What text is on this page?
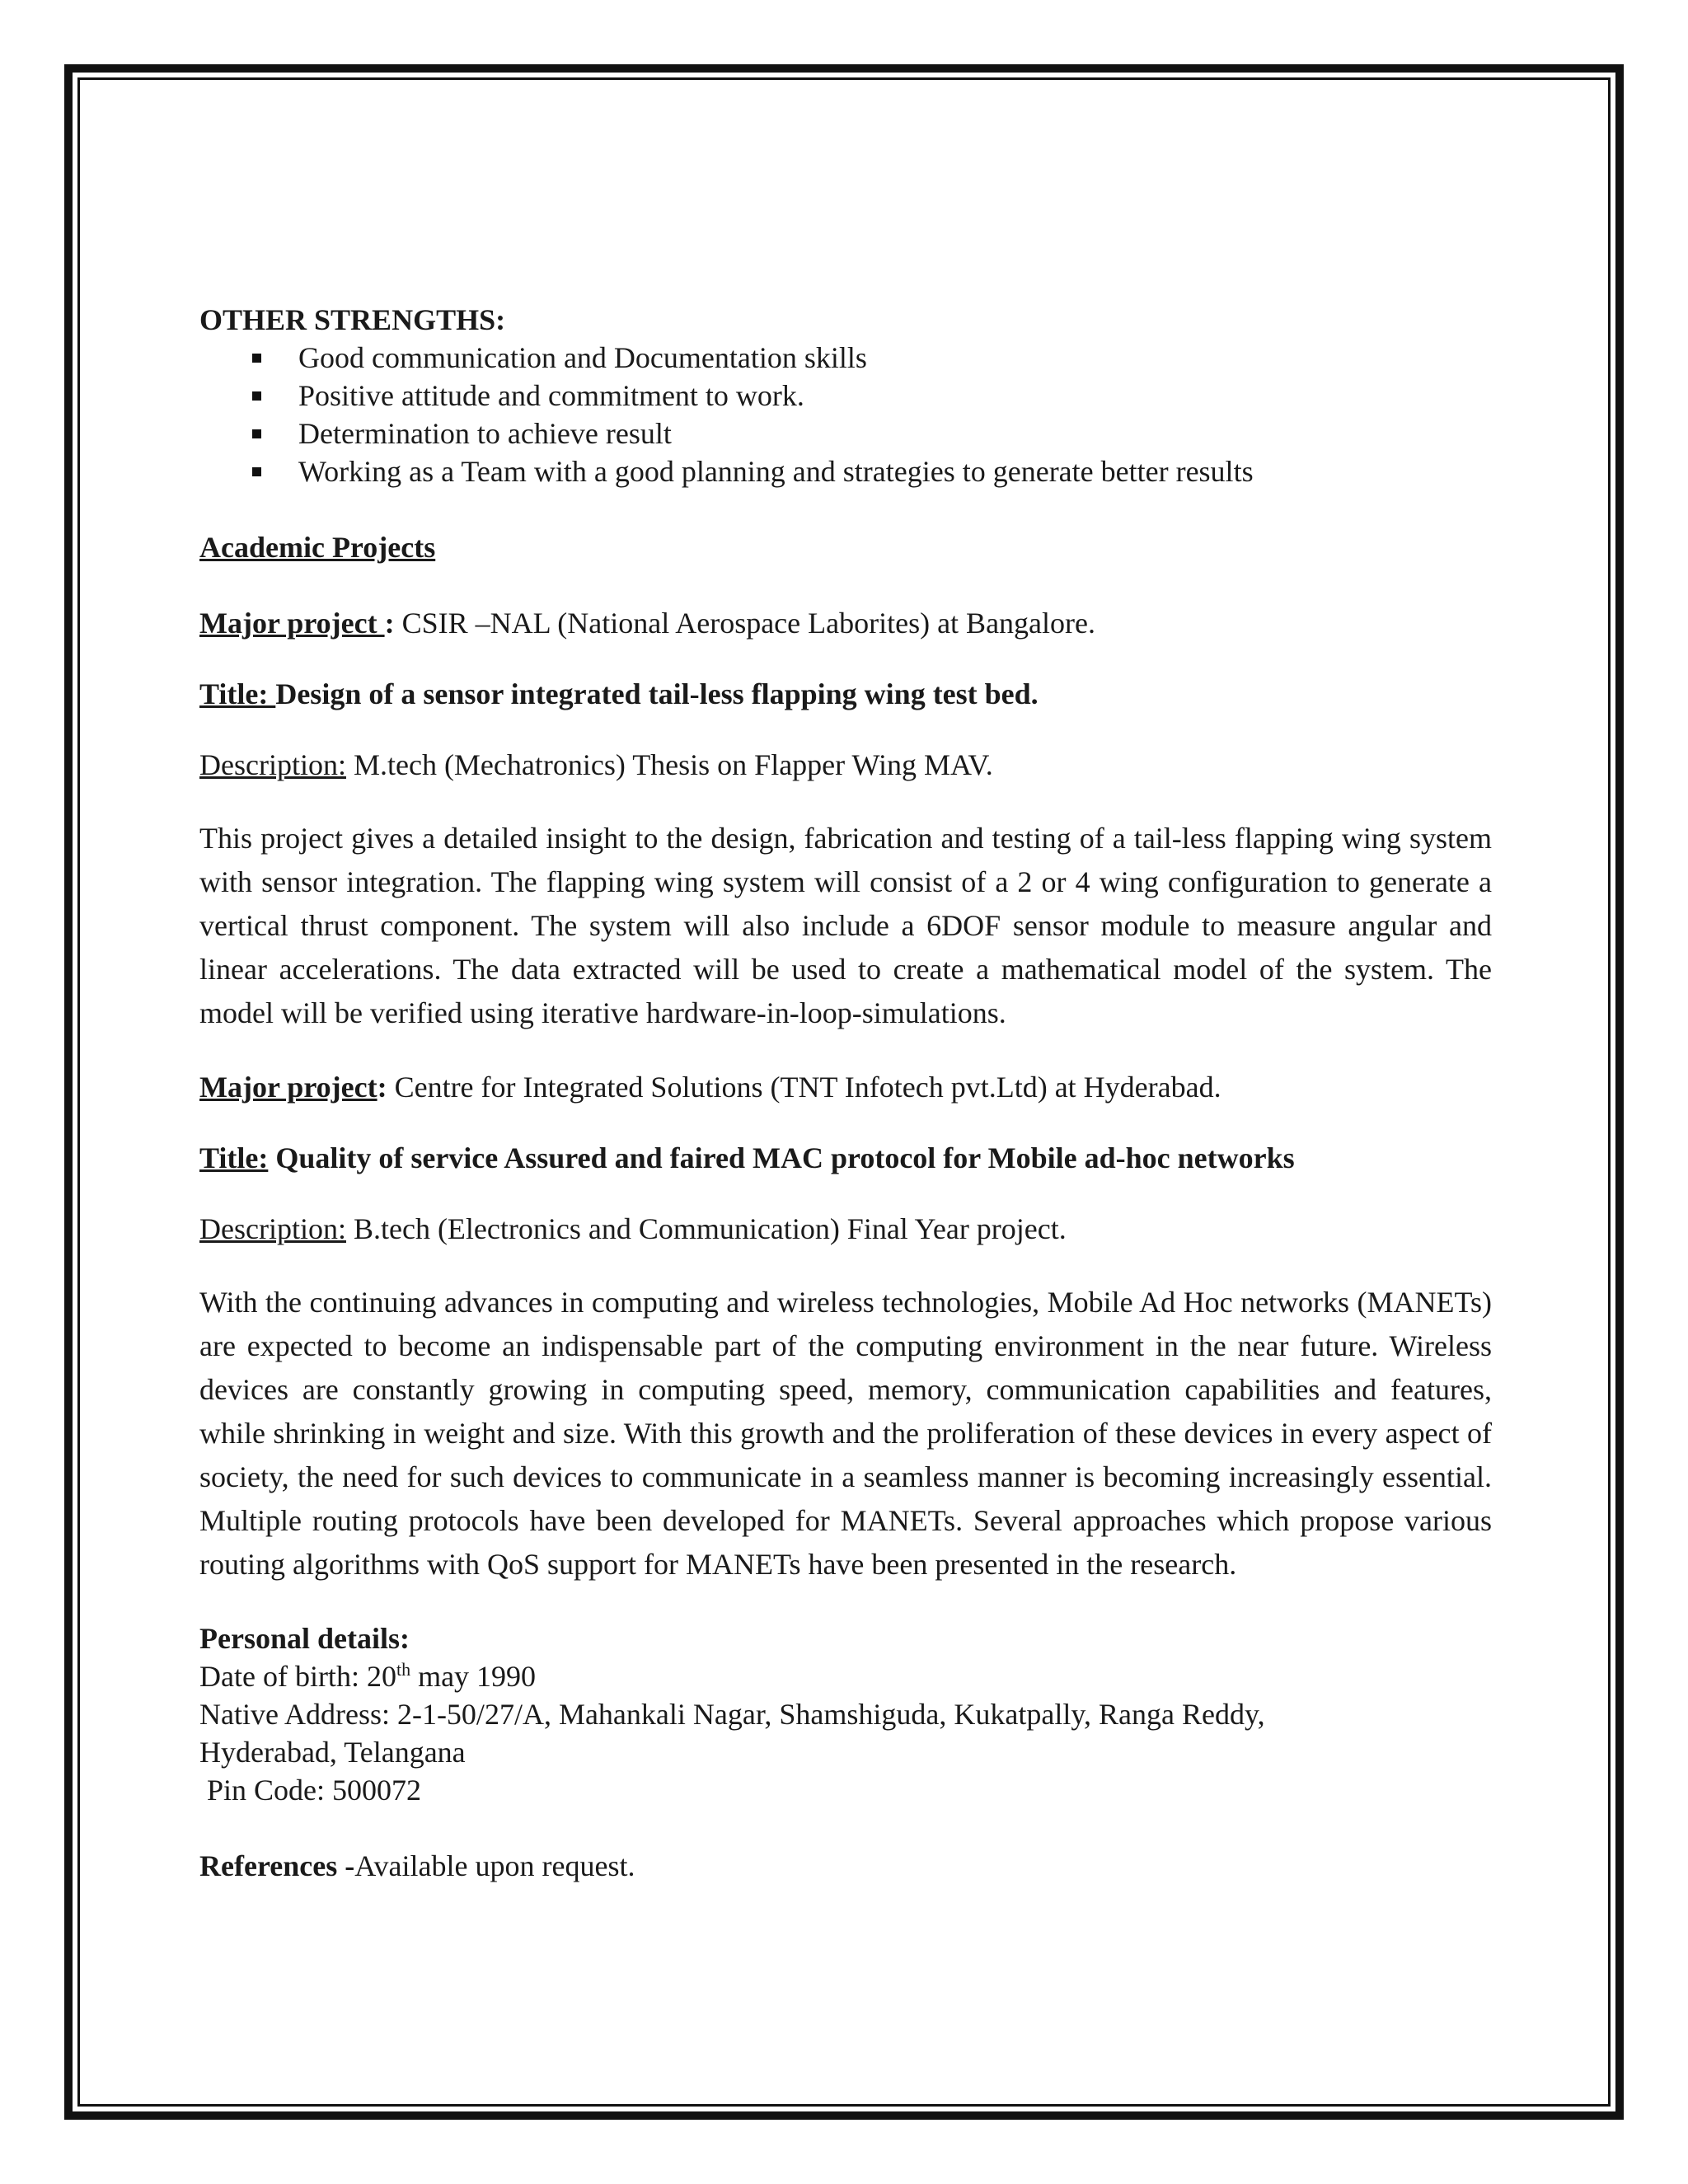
OTHER STRENGTHS:

Good communication and Documentation skills
Positive attitude and commitment to work.
Determination to achieve result
Working as a Team with a good planning and strategies to generate better results

Academic Projects

Major project : CSIR –NAL (National Aerospace Laborites) at Bangalore.

Title: Design of a sensor integrated tail-less flapping wing test bed.

Description: M.tech (Mechatronics) Thesis on Flapper Wing MAV.

This project gives a detailed insight to the design, fabrication and testing of a tail-less flapping wing system with sensor integration. The flapping wing system will consist of a 2 or 4 wing configuration to generate a vertical thrust component. The system will also include a 6DOF sensor module to measure angular and linear accelerations. The data extracted will be used to create a mathematical model of the system. The model will be verified using iterative hardware-in-loop-simulations.

Major project: Centre for Integrated Solutions (TNT Infotech pvt.Ltd) at Hyderabad.

Title: Quality of service Assured and faired MAC protocol for Mobile ad-hoc networks

Description: B.tech (Electronics and Communication) Final Year project.

With the continuing advances in computing and wireless technologies, Mobile Ad Hoc networks (MANETs) are expected to become an indispensable part of the computing environment in the near future. Wireless devices are constantly growing in computing speed, memory, communication capabilities and features, while shrinking in weight and size. With this growth and the proliferation of these devices in every aspect of society, the need for such devices to communicate in a seamless manner is becoming increasingly essential. Multiple routing protocols have been developed for MANETs. Several approaches which propose various routing algorithms with QoS support for MANETs have been presented in the research.

Personal details:

Date of birth: 20th may 1990

Native Address: 2-1-50/27/A, Mahankali Nagar, Shamshiguda, Kukatpally, Ranga Reddy,

Hyderabad, Telangana

Pin Code: 500072

References -Available upon request.
